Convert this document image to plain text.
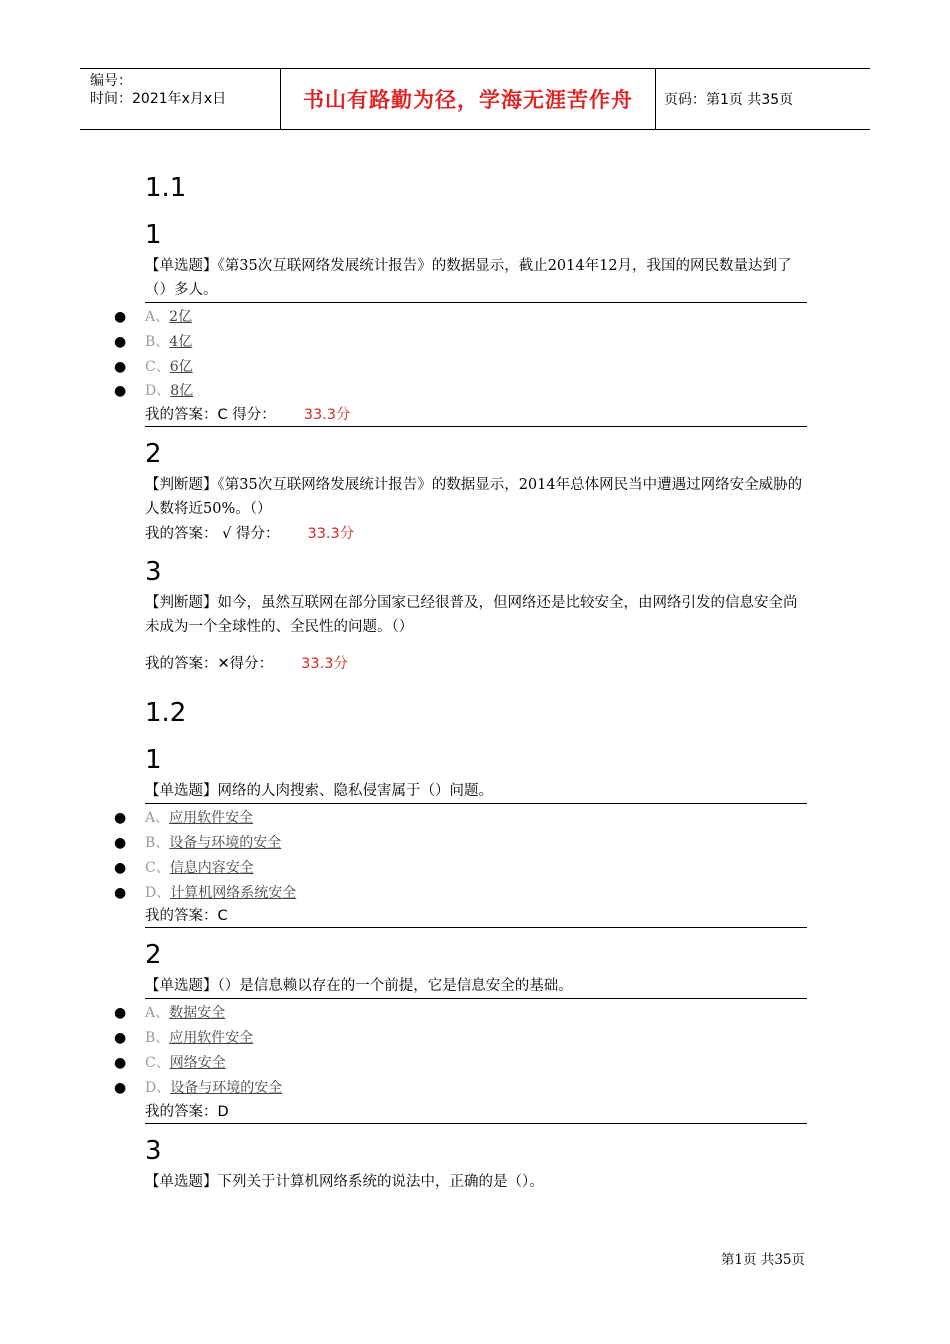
编号：
时间：2021年x月x日	书山有路勤为径，学海无涯苦作舟	页码：第1页 共35页
1.1
1
【单选题】《第35次互联网络发展统计报告》的数据显示，截止2014年12月，我国的网民数量达到了（）多人。
● A、2亿
● B、4亿
● C、6亿
● D、8亿
我的答案：C 得分： 33.3分
2
【判断题】《第35次互联网络发展统计报告》的数据显示，2014年总体网民当中遭遇过网络安全威胁的人数将近50%。（）
我的答案： √ 得分： 33.3分
3
【判断题】如今，虽然互联网在部分国家已经很普及，但网络还是比较安全，由网络引发的信息安全尚未成为一个全球性的、全民性的问题。（）
我的答案：✕得分： 33.3分
1.2
1
【单选题】网络的人肉搜索、隐私侵害属于（）问题。
● A、应用软件安全
● B、设备与环境的安全
● C、信息内容安全
● D、计算机网络系统安全
我的答案：C
2
【单选题】（）是信息赖以存在的一个前提，它是信息安全的基础。
● A、数据安全
● B、应用软件安全
● C、网络安全
● D、设备与环境的安全
我的答案：D
3
【单选题】下列关于计算机网络系统的说法中，正确的是（）。
第1页 共35页
